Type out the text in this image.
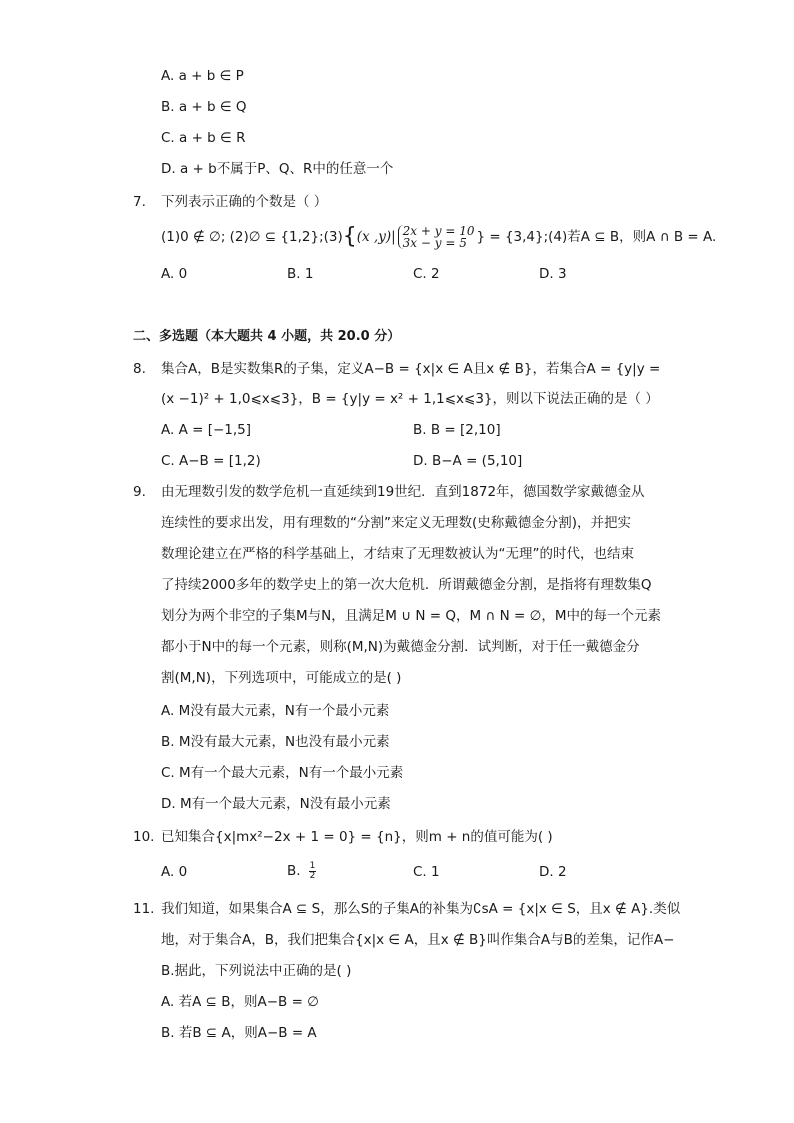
A. a + b ∈ P
B. a + b ∈ Q
C. a + b ∈ R
D. a + b不属于P、Q、R中的任意一个
7. 下列表示正确的个数是（ ）
(1)0 ∉ ∅; (2)∅ ⊆ {1,2};(3) { (x ,y)| 2x + y = 10
3x − y = 5 } = {3,4};(4)若A ⊆ B，则A ∩ B = A.
A. 0	B. 1	C. 2	D. 3
二、多选题（本大题共 4 小题，共 20.0 分）
8. 集合A，B是实数集R的子集，定义A−B = {x|x ∈ A且x ∉ B}，若集合A = {y|y =
(x −1)² + 1,0⩽x⩽3}，B = {y|y = x² + 1,1⩽x⩽3}，则以下说法正确的是（ ）
A. A = [−1,5]	B. B = [2,10]
C. A−B = [1,2)	D. B−A = (5,10]
9. 由无理数引发的数学危机一直延续到19世纪．直到1872年，德国数学家戴德金从
连续性的要求出发，用有理数的“分割”来定义无理数(史称戴德金分割)，并把实
数理论建立在严格的科学基础上，才结束了无理数被认为“无理”的时代，也结束
了持续2000多年的数学史上的第一次大危机．所谓戴德金分割，是指将有理数集Q
划分为两个非空的子集M与N，且满足M ∪ N = Q，M ∩ N = ∅，M中的每一个元素
都小于N中的每一个元素，则称(M,N)为戴德金分割．试判断，对于任一戴德金分
割(M,N)，下列选项中，可能成立的是( )
A. M没有最大元素，N有一个最小元素
B. M没有最大元素，N也没有最小元素
C. M有一个最大元素，N有一个最小元素
D. M有一个最大元素，N没有最小元素
10. 已知集合{x|mx²−2x + 1 = 0} = {n}，则m + n的值可能为( )
A. 0	B. $\frac{1}{2}$	C. 1	D. 2
11. 我们知道，如果集合A ⊆ S，那么S的子集A的补集为∁sA = {x|x ∈ S，且x ∉ A}.类似
地，对于集合A，B，我们把集合{x|x ∈ A，且x ∉ B}叫作集合A与B的差集，记作A−
B.据此，下列说法中正确的是( )
A. 若A ⊆ B，则A−B = ∅
B. 若B ⊆ A，则A−B = A
